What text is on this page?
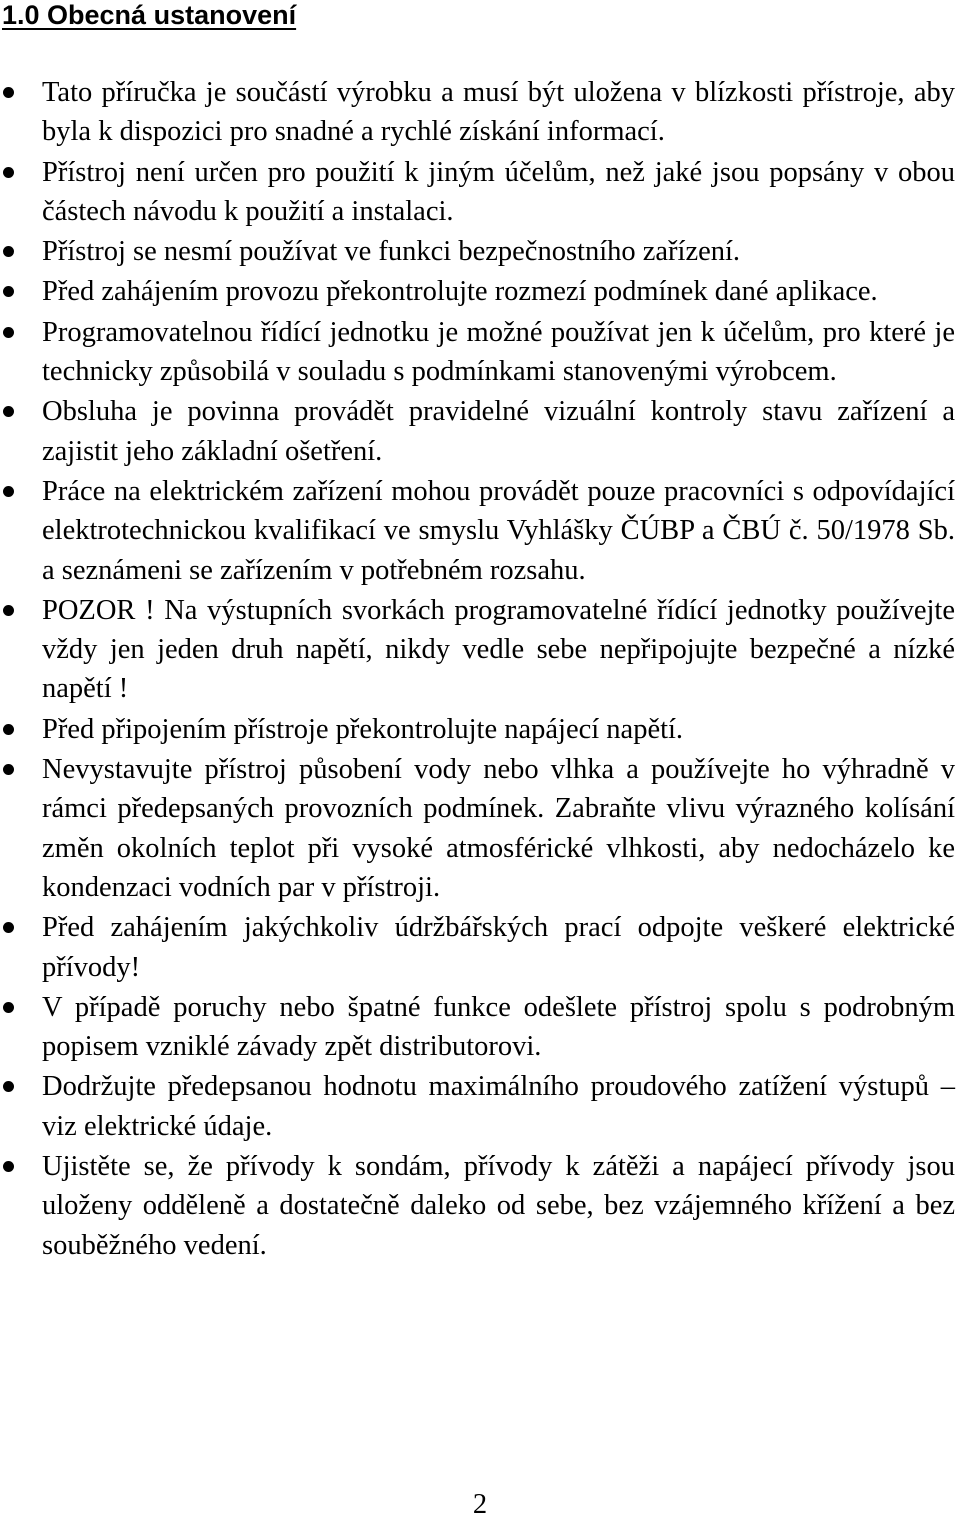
1.0 Obecná ustanovení
Tato příručka je součástí výrobku a musí být uložena v blízkosti přístroje, aby byla k dispozici pro snadné a rychlé získání informací.
Přístroj není určen pro použití k jiným účelům, než jaké jsou popsány v obou částech návodu k použití a instalaci.
Přístroj se nesmí používat ve funkci bezpečnostního zařízení.
Před zahájením provozu překontrolujte rozmezí podmínek dané aplikace.
Programovatelnou řídící jednotku je možné používat jen k účelům, pro které je technicky způsobilá v souladu s podmínkami stanovenými výrobcem.
Obsluha je povinna provádět pravidelné vizuální kontroly stavu zařízení a zajistit jeho základní ošetření.
Práce na elektrickém zařízení mohou provádět pouze pracovníci s odpovídající elektrotechnickou kvalifikací ve smyslu Vyhlášky ČÚBP a ČBÚ č. 50/1978 Sb. a seznámeni se zařízením v potřebném rozsahu.
POZOR ! Na výstupních svorkách programovatelné řídící jednotky používejte vždy jen jeden druh napětí, nikdy vedle sebe nepřipojujte bezpečné a nízké napětí !
Před připojením přístroje překontrolujte napájecí napětí.
Nevystavujte přístroj působení vody nebo vlhka a používejte ho výhradně v rámci předepsaných provozních podmínek. Zabraňte vlivu výrazného kolísání změn okolních teplot při vysoké atmosférické vlhkosti, aby nedocházelo ke kondenzaci vodních par v přístroji.
Před zahájením jakýchkoliv údržbářských prací odpojte veškeré elektrické přívody!
V případě poruchy nebo špatné funkce odešlete přístroj spolu s podrobným popisem vzniklé závady zpět distributorovi.
Dodržujte předepsanou hodnotu maximálního proudového zatížení výstupů – viz elektrické údaje.
Ujistěte se, že přívody k sondám, přívody k zátěži a napájecí přívody jsou uloženy odděleně a dostatečně daleko od sebe, bez vzájemného křížení a bez souběžného vedení.

2
